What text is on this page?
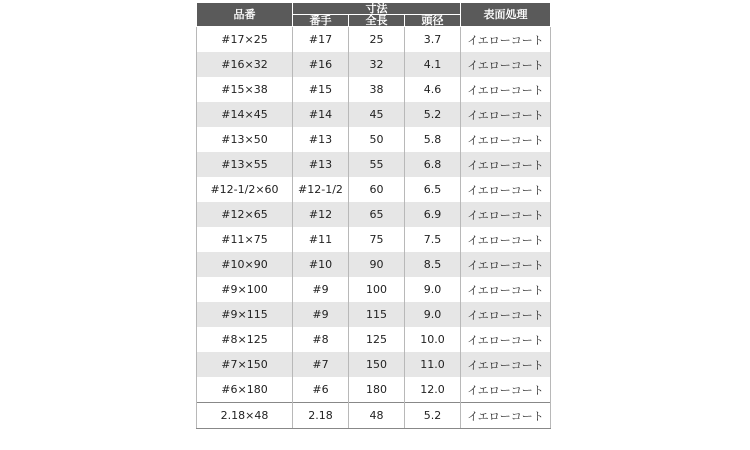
品番	寸法			表面処理
	番手	全長	頭径	
#17×25	#17	25	3.7	イエローコート
#16×32	#16	32	4.1	イエローコート
#15×38	#15	38	4.6	イエローコート
#14×45	#14	45	5.2	イエローコート
#13×50	#13	50	5.8	イエローコート
#13×55	#13	55	6.8	イエローコート
#12-1/2×60	#12-1/2	60	6.5	イエローコート
#12×65	#12	65	6.9	イエローコート
#11×75	#11	75	7.5	イエローコート
#10×90	#10	90	8.5	イエローコート
#9×100	#9	100	9.0	イエローコート
#9×115	#9	115	9.0	イエローコート
#8×125	#8	125	10.0	イエローコート
#7×150	#7	150	11.0	イエローコート
#6×180	#6	180	12.0	イエローコート
2.18×48	2.18	48	5.2	イエローコート
